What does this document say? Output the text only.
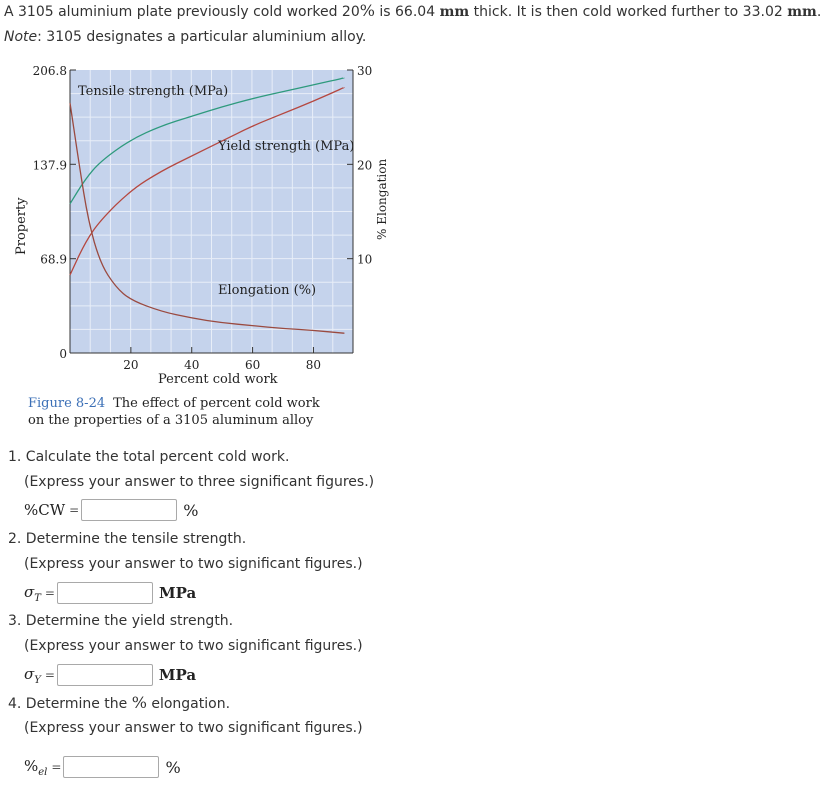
A 3105 aluminium plate previously cold worked 20% is 66.04 mm thick. It is then cold worked further to 33.02 mm.
Note: 3105 designates a particular aluminium alloy.
206.8
137.9
68.9
0
30
20
10
20	40	60	80
Tensile strength (MPa)
Yield strength (MPa)
Elongation (%)
Property	% Elongation
Percent cold work
Figure 8-24 The effect of percent cold work
on the properties of a 3105 aluminum alloy
1. Calculate the total percent cold work.
(Express your answer to three significant figures.)
%CW =	%
2. Determine the tensile strength.
(Express your answer to two significant figures.)
$\sigma_T$ =	MPa
3. Determine the yield strength.
(Express your answer to two significant figures.)
$\sigma_Y$ =	MPa
4. Determine the % elongation.
(Express your answer to two significant figures.)
$\%_{el}$ =	%
